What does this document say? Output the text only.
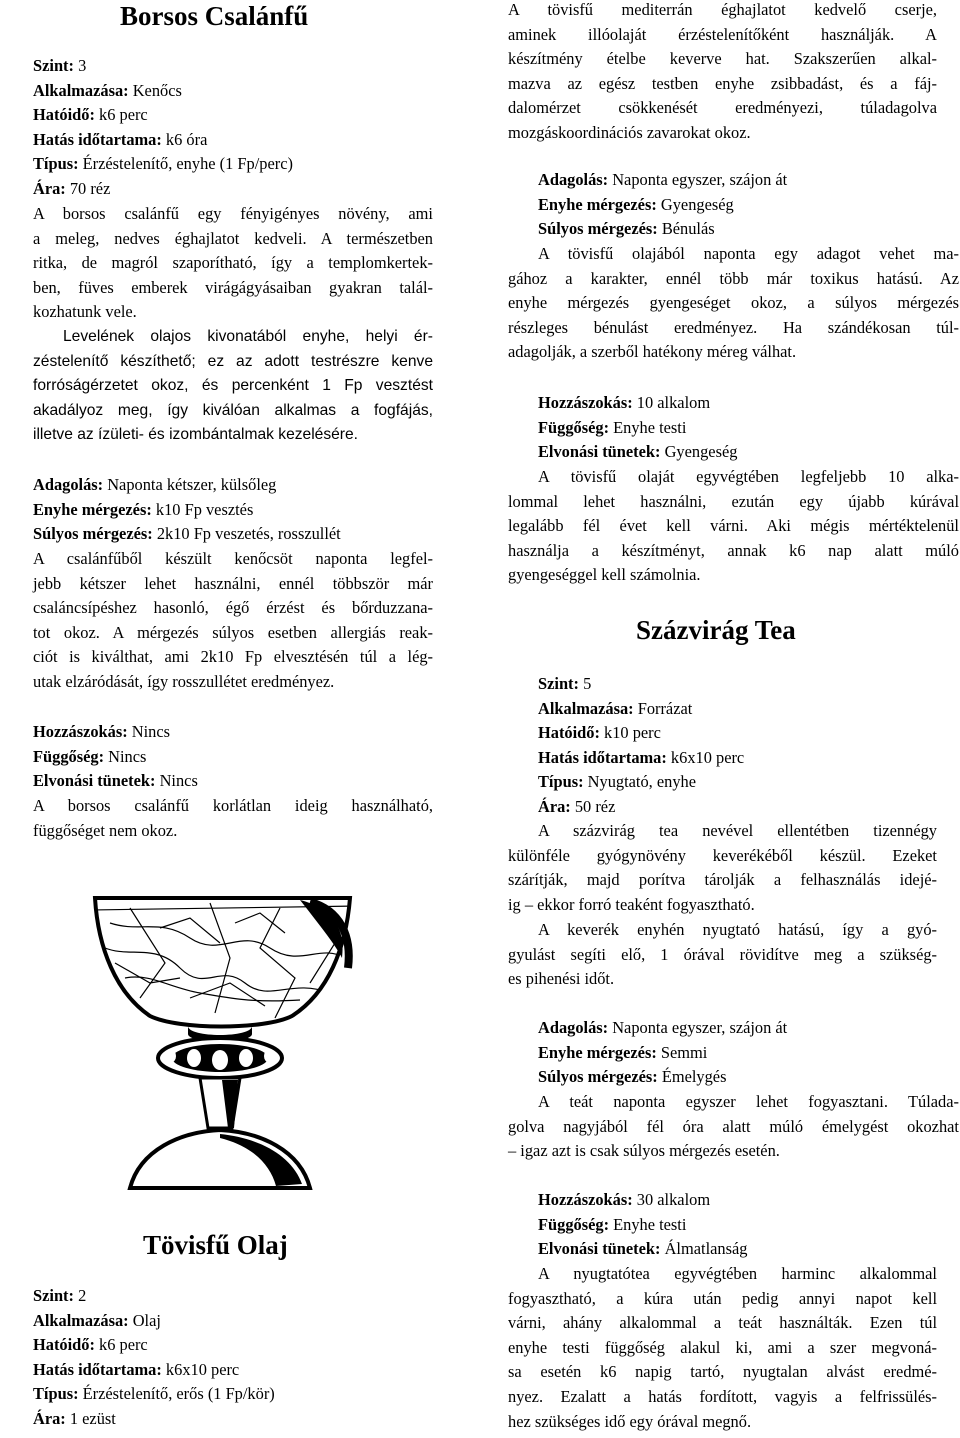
Borsos Csalánfű
Szint: 3
Alkalmazása: Kenőcs
Hatóidő: k6 perc
Hatás időtartama: k6 óra
Típus: Érzéstelenítő, enyhe (1 Fp/perc)
Ára: 70 réz
A borsos csalánfű egy fényigényes növény, ami
a meleg, nedves éghajlatot kedveli. A természetben
ritka, de magról szaporítható, így a templomkertek-
ben, füves emberek virágágyásaiban gyakran talál-
kozhatunk vele.
Levelének olajos kivonatából enyhe, helyi ér-
zéstelenítő készíthető; ez az adott testrészre kenve
forróságérzetet okoz, és percenként 1 Fp vesztést
akadályoz meg, így kiválóan alkalmas a fogfájás,
illetve az ízületi- és izombántalmak kezelésére.
Adagolás: Naponta kétszer, külsőleg
Enyhe mérgezés: k10 Fp vesztés
Súlyos mérgezés: 2k10 Fp veszetés, rosszullét
A csalánfűből készült kenőcsöt naponta legfel-
jebb kétszer lehet használni, ennél többször már
csaláncsípéshez hasonló, égő érzést és bőrduzzana-
tot okoz. A mérgezés súlyos esetben allergiás reak-
ciót is kiválthat, ami 2k10 Fp elvesztésén túl a lég-
utak elzáródását, így rosszullétet eredményez.
Hozzászokás: Nincs
Függőség: Nincs
Elvonási tünetek: Nincs
A borsos csalánfű korlátlan ideig használható,
függőséget nem okoz.
Tövisfű Olaj
Szint: 2
Alkalmazása: Olaj
Hatóidő: k6 perc
Hatás időtartama: k6x10 perc
Típus: Érzéstelenítő, erős (1 Fp/kör)
Ára: 1 ezüst
A tövisfű mediterrán éghajlatot kedvelő cserje,
aminek illóolaját érzéstelenítőként használják. A
készítmény ételbe keverve hat. Szakszerűen alkal-
mazva az egész testben enyhe zsibbadást, és a fáj-
dalomérzet csökkenését eredményezi, túladagolva
mozgáskoordinációs zavarokat okoz.
Adagolás: Naponta egyszer, szájon át
Enyhe mérgezés: Gyengeség
Súlyos mérgezés: Bénulás
A tövisfű olajából naponta egy adagot vehet ma-
gához a karakter, ennél több már toxikus hatású. Az
enyhe mérgezés gyengeséget okoz, a súlyos mérgezés
részleges bénulást eredményez. Ha szándékosan túl-
adagolják, a szerből hatékony méreg válhat.
Hozzászokás: 10 alkalom
Függőség: Enyhe testi
Elvonási tünetek: Gyengeség
A tövisfű olaját egyvégtében legfeljebb 10 alka-
lommal lehet használni, ezután egy újabb kúrával
legalább fél évet kell várni. Aki mégis mértéktelenül
használja a készítményt, annak k6 nap alatt múló
gyengeséggel kell számolnia.
Százvirág Tea
Szint: 5
Alkalmazása: Forrázat
Hatóidő: k10 perc
Hatás időtartama: k6x10 perc
Típus: Nyugtató, enyhe
Ára: 50 réz
A százvirág tea nevével ellentétben tizennégy
különféle gyógynövény keverékéből készül. Ezeket
szárítják, majd porítva tárolják a felhasználás idejé-
ig – ekkor forró teaként fogyasztható.
A keverék enyhén nyugtató hatású, így a gyó-
gyulást segíti elő, 1 órával rövidítve meg a szükség-
es pihenési időt.
Adagolás: Naponta egyszer, szájon át
Enyhe mérgezés: Semmi
Súlyos mérgezés: Émelygés
A teát naponta egyszer lehet fogyasztani. Túlada-
golva nagyjából fél óra alatt múló émelygést okozhat
– igaz azt is csak súlyos mérgezés esetén.
Hozzászokás: 30 alkalom
Függőség: Enyhe testi
Elvonási tünetek: Álmatlanság
A nyugtatótea egyvégtében harminc alkalommal
fogyasztható, a kúra után pedig annyi napot kell
várni, ahány alkalommal a teát használták. Ezen túl
enyhe testi függőség alakul ki, ami a szer megvoná-
sa esetén k6 napig tartó, nyugtalan alvást eredmé-
nyez. Ezalatt a hatás fordított, vagyis a felfrissülés-
hez szükséges idő egy órával megnő.
